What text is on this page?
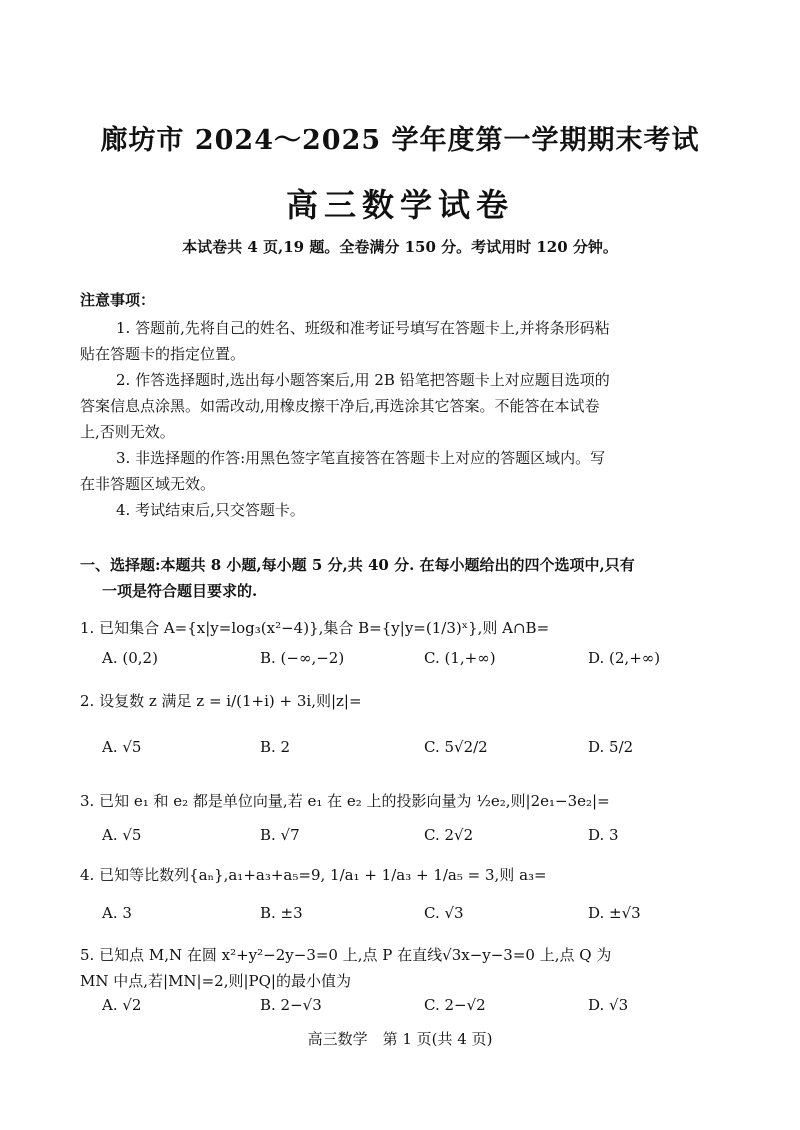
廊坊市 2024～2025 学年度第一学期期末考试
高三数学试卷
本试卷共 4 页,19 题。全卷满分 150 分。考试用时 120 分钟。
注意事项：
1. 答题前,先将自己的姓名、班级和准考证号填写在答题卡上,并将条形码粘
贴在答题卡的指定位置。
2. 作答选择题时,选出每小题答案后,用 2B 铅笔把答题卡上对应题目选项的
答案信息点涂黑。如需改动,用橡皮擦干净后,再选涂其它答案。不能答在本试卷
上,否则无效。
3. 非选择题的作答:用黑色签字笔直接答在答题卡上对应的答题区域内。写
在非答题区域无效。
4. 考试结束后,只交答题卡。
一、选择题:本题共 8 小题,每小题 5 分,共 40 分. 在每小题给出的四个选项中,只有
一项是符合题目要求的.
1. 已知集合 A={x|y=log₃(x²−4)},集合 B={y|y=(1/3)ˣ},则 A∩B=
A. (0,2)	B. (−∞,−2)	C. (1,+∞)	D. (2,+∞)
2. 设复数 z 满足 z = i/(1+i) + 3i,则|z|=
A. √5	B. 2	C. 5√2/2	D. 5/2
3. 已知 e₁ 和 e₂ 都是单位向量,若 e₁ 在 e₂ 上的投影向量为 ½e₂,则|2e₁−3e₂|=
A. √5	B. √7	C. 2√2	D. 3
4. 已知等比数列{aₙ},a₁+a₃+a₅=9, 1/a₁ + 1/a₃ + 1/a₅ = 3,则 a₃=
A. 3	B. ±3	C. √3	D. ±√3
5. 已知点 M,N 在圆 x²+y²−2y−3=0 上,点 P 在直线√3x−y−3=0 上,点 Q 为
MN 中点,若|MN|=2,则|PQ|的最小值为
A. √2	B. 2−√3	C. 2−√2	D. √3
高三数学　第 1 页(共 4 页)
